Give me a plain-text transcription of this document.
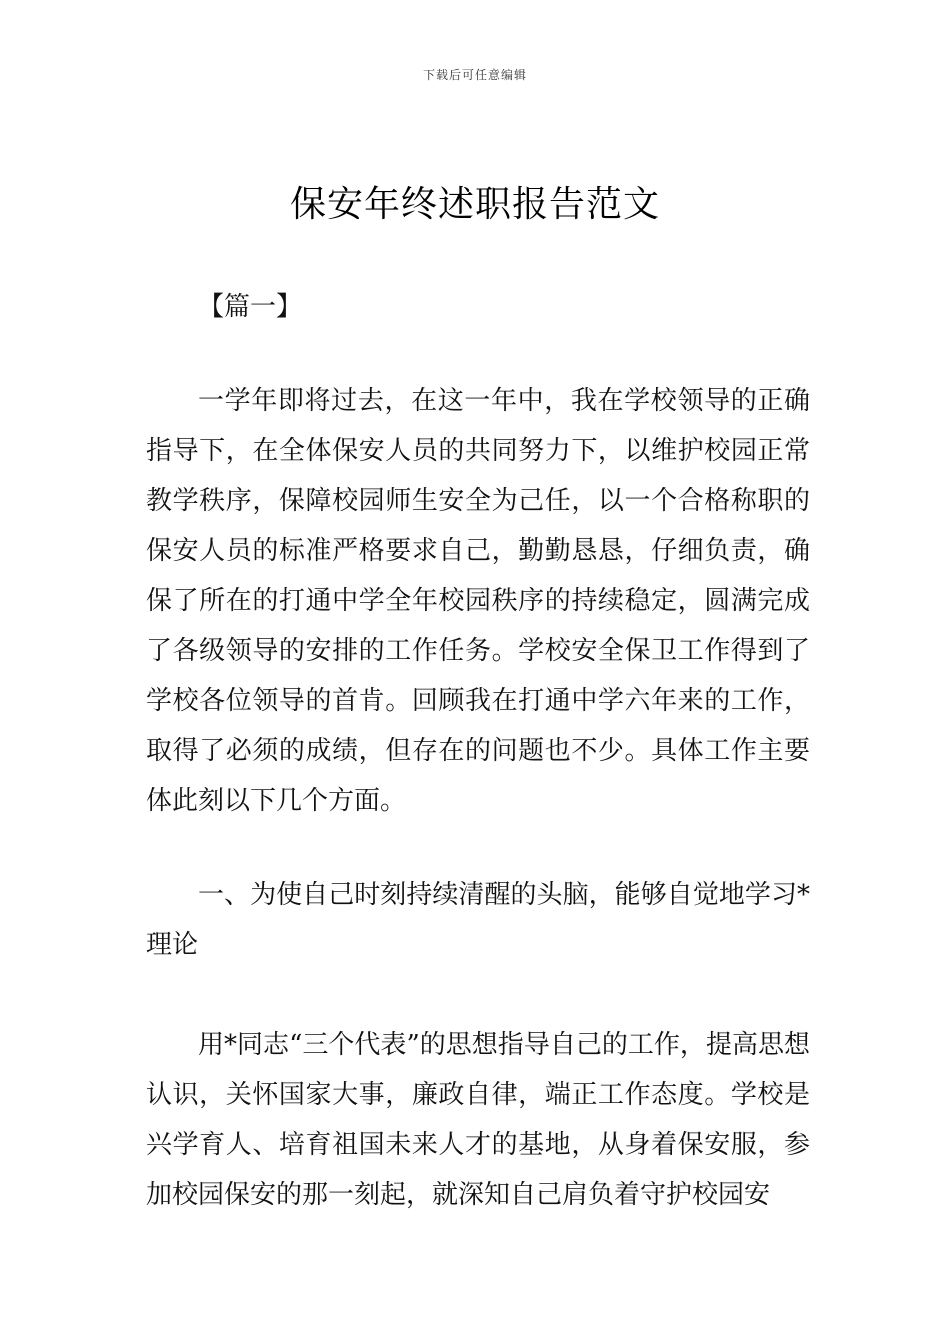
下载后可任意编辑
保安年终述职报告范文
【篇一】
一学年即将过去，在这一年中，我在学校领导的正确指导下，在全体保安人员的共同努力下，以维护校园正常教学秩序，保障校园师生安全为己任，以一个合格称职的保安人员的标准严格要求自己，勤勤恳恳，仔细负责，确保了所在的打通中学全年校园秩序的持续稳定，圆满完成了各级领导的安排的工作任务。学校安全保卫工作得到了学校各位领导的首肯。回顾我在打通中学六年来的工作，取得了必须的成绩，但存在的问题也不少。具体工作主要体此刻以下几个方面。
一、为使自己时刻持续清醒的头脑，能够自觉地学习*理论
用*同志“三个代表”的思想指导自己的工作，提高思想认识，关怀国家大事，廉政自律，端正工作态度。学校是兴学育人、培育祖国未来人才的基地，从身着保安服，参加校园保安的那一刻起，就深知自己肩负着守护校园安
